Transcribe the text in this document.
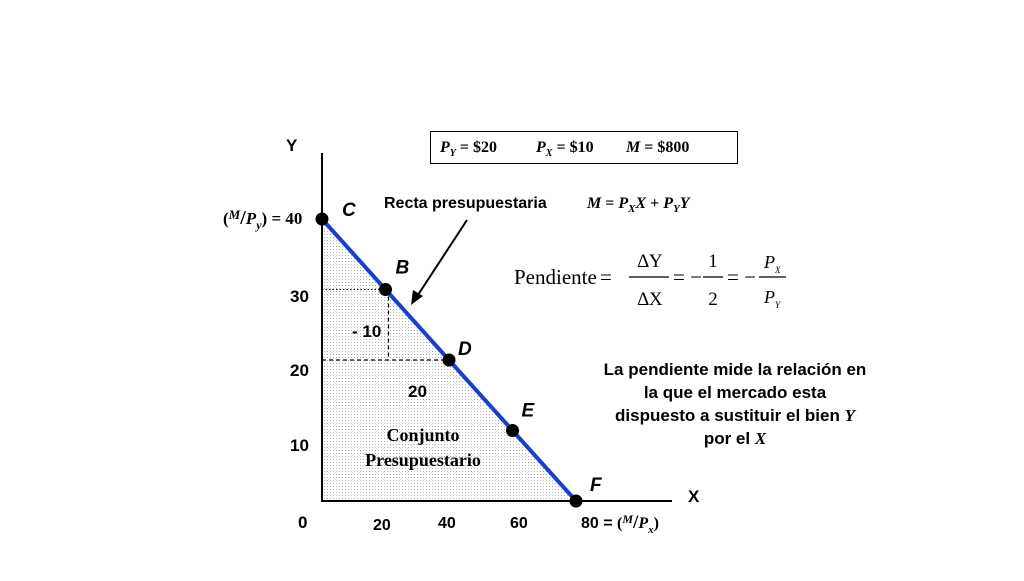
Y
X
0
30
20
10
$(^M/P_y) = 40$
20	40	60	$80 = (^M/P_x)$
C
B
D
E
F
- 10
20
Conjunto
Presupuestario
Recta presupuestaria	$M = P_XX + P_YY$
Pendiente =
∆Y
∆X
= −
1
2
= −
$P_X$
$P_Y$
$P_Y$ = $20 $P_X$ = $10 M = $800
La pendiente mide la relación en
la que el mercado esta
dispuesto a sustituir el bien Y
por el X
